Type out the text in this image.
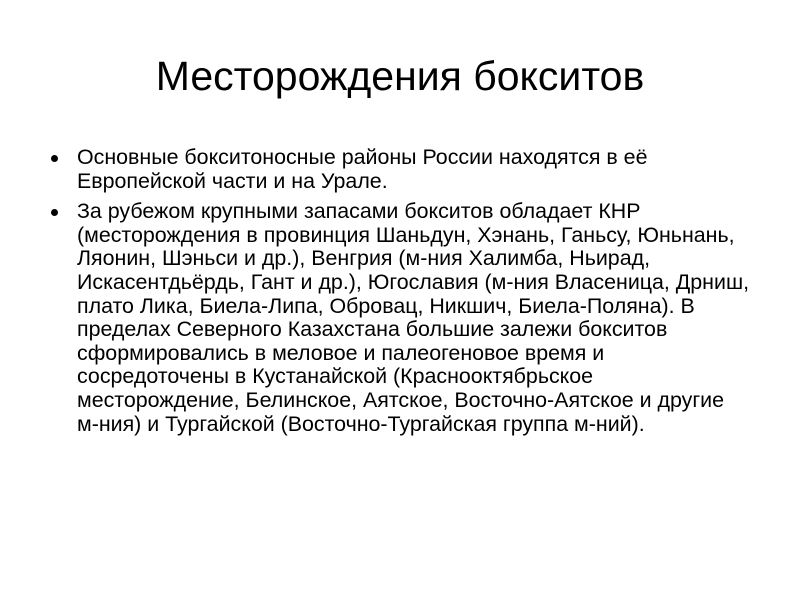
Месторождения бокситов
Основные бокситоносные районы России находятся в её Европейской части и на Урале.
За рубежом крупными запасами бокситов обладает КНР (месторождения в провинция Шаньдун, Хэнань, Ганьсу, Юньнань, Ляонин, Шэньси и др.), Венгрия (м-ния Халимба, Ньирад, Искасентдьёрдь, Гант и др.), Югославия (м-ния Власеница, Дрниш, плато Лика, Биела-Липа, Обровац, Никшич, Биела-Поляна). В пределах Северного Казахстана большие залежи бокситов сформировались в меловое и палеогеновое время и сосредоточены в Кустанайской (Краснооктябрьское месторождение, Белинское, Аятское, Восточно-Аятское и другие м-ния) и Тургайской (Восточно-Тургайская группа м-ний).
